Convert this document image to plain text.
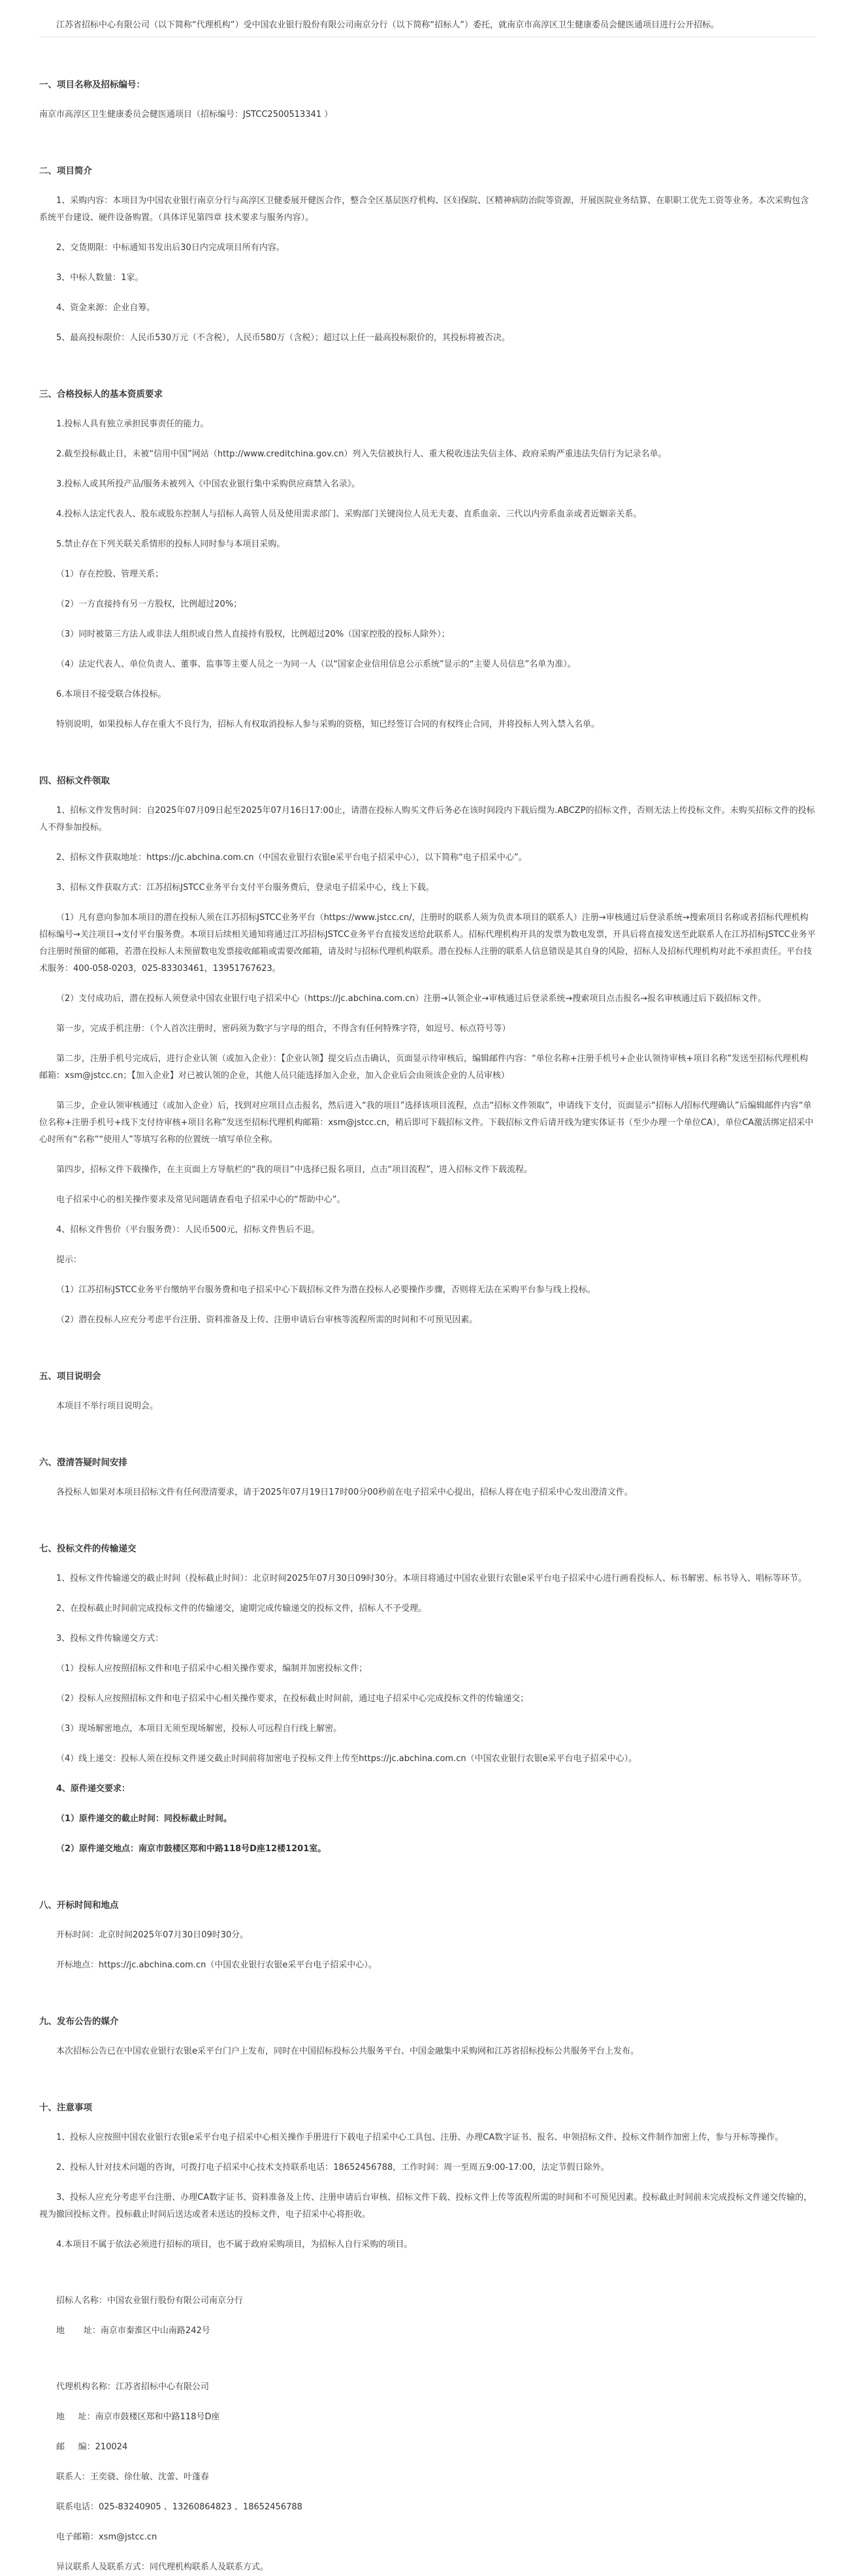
江苏省招标中心有限公司（以下简称“代理机构”）受中国农业银行股份有限公司南京分行（以下简称“招标人”）委托，就南京市高淳区卫生健康委员会健医通项目进行公开招标。

一、项目名称及招标编号：

南京市高淳区卫生健康委员会健医通项目（招标编号：JSTCC2500513341 ）

二、项目简介

1、采购内容：本项目为中国农业银行南京分行与高淳区卫健委展开健医合作，整合全区基层医疗机构、区妇保院、区精神病防治院等资源，开展医院业务结算、在职职工优先工资等业务。本次采购包含系统平台建设、硬件设备购置。（具体详见第四章 技术要求与服务内容）。

2、交货期限：中标通知书发出后30日内完成项目所有内容。

3、中标人数量：1家。

4、资金来源：企业自筹。

5、最高投标限价：人民币530万元（不含税），人民币580万（含税）；超过以上任一最高投标限价的，其投标将被否决。

三、合格投标人的基本资质要求

1.投标人具有独立承担民事责任的能力。

2.截至投标截止日，未被“信用中国”网站（http://www.creditchina.gov.cn）列入失信被执行人、重大税收违法失信主体、政府采购严重违法失信行为记录名单。

3.投标人或其所投产品/服务未被列入《中国农业银行集中采购供应商禁入名录》。

4.投标人法定代表人、股东或股东控制人与招标人高管人员及使用需求部门、采购部门关键岗位人员无夫妻、直系血亲、三代以内旁系血亲或者近姻亲关系。

5.禁止存在下列关联关系情形的投标人同时参与本项目采购。

（1）存在控股、管理关系；

（2）一方直接持有另一方股权，比例超过20%；

（3）同时被第三方法人或非法人组织或自然人直接持有股权，比例超过20%（国家控股的投标人除外）；

（4）法定代表人、单位负责人、董事、监事等主要人员之一为同一人（以“国家企业信用信息公示系统”显示的“主要人员信息”名单为准）。

6.本项目不接受联合体投标。

特别说明，如果投标人存在重大不良行为，招标人有权取消投标人参与采购的资格，知已经签订合同的有权终止合同，并将投标人列入禁入名单。

四、招标文件领取

1、招标文件发售时间：自2025年07月09日起至2025年07月16日17:00止，请潜在投标人购买文件后务必在该时间段内下载后缀为.ABCZP的招标文件，否则无法上传投标文件。未购买招标文件的投标人不得参加投标。

2、招标文件获取地址：https://jc.abchina.com.cn（中国农业银行农银e采平台电子招采中心），以下简称“电子招采中心”。

3、招标文件获取方式：江苏招标JSTCC业务平台支付平台服务费后，登录电子招采中心，线上下载。

（1）凡有意向参加本项目的潜在投标人须在江苏招标JSTCC业务平台（https://www.jstcc.cn/，注册时的联系人须为负责本项目的联系人）注册→审核通过后登录系统→搜索项目名称或者招标代理机构招标编号→关注项目→支付平台服务费。本项目后续相关通知将通过江苏招标JSTCC业务平台直接发送给此联系人。招标代理机构开具的发票为数电发票，开具后将直接发送至此联系人在江苏招标JSTCC业务平台注册时预留的邮箱，若潜在投标人未预留数电发票接收邮箱或需要改邮箱，请及时与招标代理机构联系。潜在投标人注册的联系人信息错误是其自身的风险，招标人及招标代理机构对此不承担责任。平台技术服务：400-058-0203，025-83303461，13951767623。

（2）支付成功后，潜在投标人须登录中国农业银行电子招采中心（https://jc.abchina.com.cn）注册→认领企业→审核通过后登录系统→搜索项目点击报名→报名审核通过后下载招标文件。

第一步，完成手机注册：（个人首次注册时，密码须为数字与字母的组合，不得含有任何特殊字符，如逗号、标点符号等）

第二步，注册手机号完成后，进行企业认领（或加入企业）：【企业认领】提交后点击确认，页面显示待审核后，编辑邮件内容：“单位名称+注册手机号+企业认领待审核+项目名称”发送至招标代理机构邮箱：xsm@jstcc.cn；【加入企业】对已被认领的企业，其他人员只能选择加入企业，加入企业后会由须该企业的人员审核）

第三步，企业认领审核通过（或加入企业）后，找到对应项目点击报名，然后进入“我的项目”选择该项目流程，点击“招标文件领取”，申请线下支付，页面显示“招标人/招标代理确认”后编辑邮件内容“单位名称+注册手机号+线下支付待审核+项目名称”发送至招标代理机构邮箱：xsm@jstcc.cn，稍后即可下载招标文件。下载招标文件后请开线为建实体证书（至少办理一个单位CA），单位CA激活绑定招采中心时所有“名称”“使用人”等填写名称的位置统一填写单位全称。

第四步，招标文件下载操作，在主页面上方导航栏的“我的项目”中选择已报名项目，点击“项目流程”，进入招标文件下载流程。

电子招采中心的相关操作要求及常见问题请查看电子招采中心的“帮助中心”。

4、招标文件售价（平台服务费）：人民币500元，招标文件售后不退。

提示：

（1）江苏招标JSTCC业务平台缴纳平台服务费和电子招采中心下载招标文件为潜在投标人必要操作步骤，否则将无法在采购平台参与线上投标。

（2）潜在投标人应充分考虑平台注册、资料准备及上传、注册申请后台审核等流程所需的时间和不可预见因素。

五、项目说明会

本项目不举行项目说明会。

六、澄清答疑时间安排

各投标人如果对本项目招标文件有任何澄清要求，请于2025年07月19日17时00分00秒前在电子招采中心提出，招标人将在电子招采中心发出澄清文件。

七、投标文件的传输递交

1、投标文件传输递交的截止时间（投标截止时间）：北京时间2025年07月30日09时30分。本项目将通过中国农业银行农银e采平台电子招采中心进行画看投标人、标书解密、标书导入、唱标等环节。

2、在投标截止时间前完成投标文件的传输递交，逾期完成传输递交的投标文件，招标人不予受理。

3、投标文件传输递交方式：

（1）投标人应按照招标文件和电子招采中心相关操作要求，编制并加密投标文件；

（2）投标人应按照招标文件和电子招采中心相关操作要求，在投标截止时间前，通过电子招采中心完成投标文件的传输递交；

（3）现场解密地点，本项目无须至现场解密，投标人可远程自行线上解密。

（4）线上递交：投标人须在投标文件递交截止时间前将加密电子投标文件上传至https://jc.abchina.com.cn（中国农业银行农银e采平台电子招采中心）。

4、原件递交要求：

（1）原件递交的截止时间：同投标截止时间。

（2）原件递交地点：南京市鼓楼区郑和中路118号D座12楼1201室。

八、开标时间和地点

开标时间：北京时间2025年07月30日09时30分。

开标地点：https://jc.abchina.com.cn（中国农业银行农银e采平台电子招采中心）。

九、发布公告的媒介

本次招标公告已在中国农业银行农银e采平台门户上发布，同时在中国招标投标公共服务平台、中国金融集中采购网和江苏省招标投标公共服务平台上发布。

十、注意事项

1、投标人应按照中国农业银行农银e采平台电子招采中心相关操作手册进行下载电子招采中心工具包、注册、办理CA数字证书、报名、申领招标文件、投标文件制作加密上传，参与开标等操作。

2、投标人针对技术问题的咨询，可拨打电子招采中心技术支持联系电话：18652456788，工作时间：周一至周五9:00-17:00，法定节假日除外。

3、投标人应充分考虑平台注册、办理CA数字证书、资料准备及上传、注册申请后台审核、招标文件下载、投标文件上传等流程所需的时间和不可预见因素。投标截止时间前未完成投标文件递交传输的，视为撤回投标文件。投标截止时间后送达或者未送达的投标文件，电子招采中心将拒收。

4.本项目不属于依法必须进行招标的项目，也不属于政府采购项目，为招标人自行采购的项目。

招标人名称：中国农业银行股份有限公司南京分行

地       址：南京市秦淮区中山南路242号

代理机构名称：江苏省招标中心有限公司

地     址：南京市鼓楼区郑和中路118号D座

邮     编：210024

联系人：王奕骁、徐仕敏、沈蕾、叶蓬春

联系电话：025-83240905 、13260864823 、18652456788

电子邮箱：xsm@jstcc.cn

异议联系人及联系方式：同代理机构联系人及联系方式。
